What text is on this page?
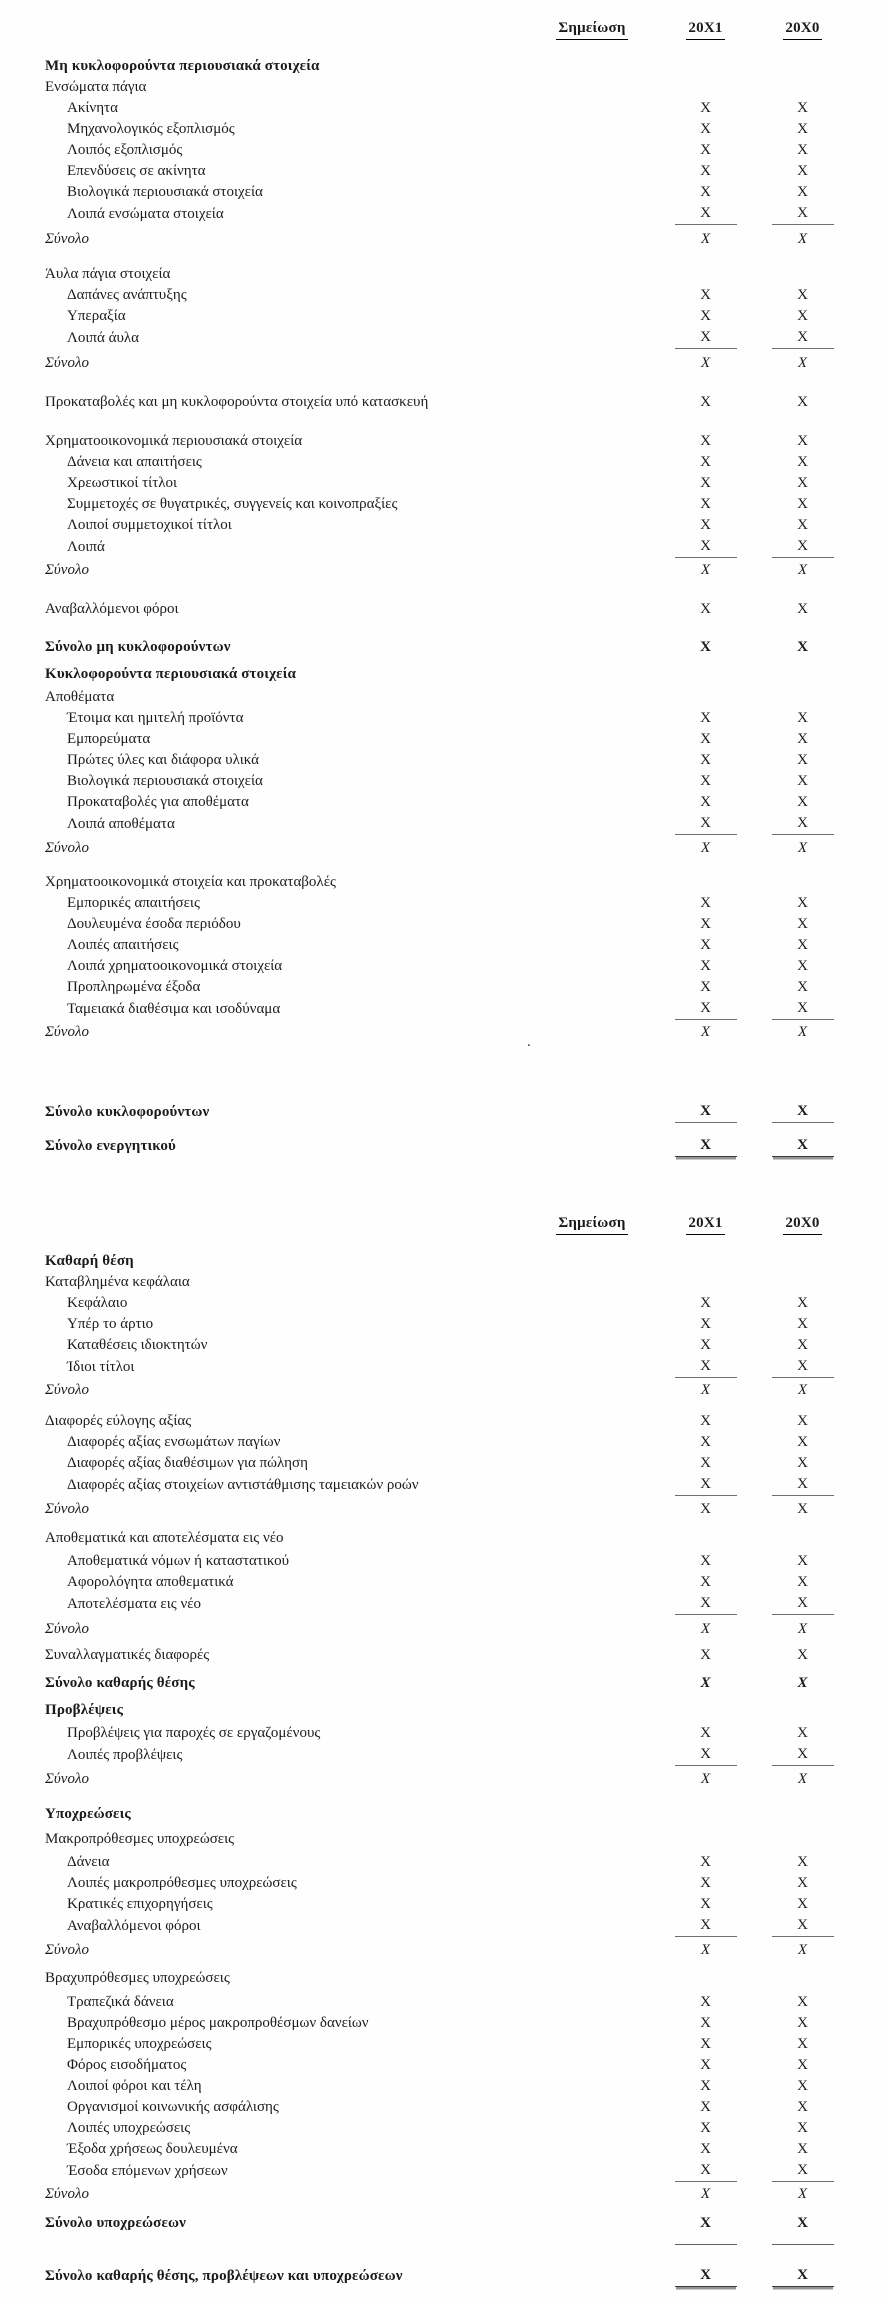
Σημείωση	20X1	20X0
Μη κυκλοφορούντα περιουσιακά στοιχεία
Ενσώματα πάγια
Ακίνητα	X	X
Μηχανολογικός εξοπλισμός	X	X
Λοιπός εξοπλισμός	X	X
Επενδύσεις σε ακίνητα	X	X
Βιολογικά περιουσιακά στοιχεία	X	X
Λοιπά ενσώματα στοιχεία	X	X
Σύνολο	X	X
Άυλα πάγια στοιχεία
Δαπάνες ανάπτυξης	X	X
Υπεραξία	X	X
Λοιπά άυλα	X	X
Σύνολο	X	X
Προκαταβολές και μη κυκλοφορούντα στοιχεία υπό κατασκευή	X	X
Χρηματοοικονομικά περιουσιακά στοιχεία	X	X
Δάνεια και απαιτήσεις	X	X
Χρεωστικοί τίτλοι	X	X
Συμμετοχές σε θυγατρικές, συγγενείς και κοινοπραξίες	X	X
Λοιποί συμμετοχικοί τίτλοι	X	X
Λοιπά	X	X
Σύνολο	X	X
Αναβαλλόμενοι φόροι	X	X
Σύνολο μη κυκλοφορούντων	X	X
Κυκλοφορούντα περιουσιακά στοιχεία
Αποθέματα
Έτοιμα και ημιτελή προϊόντα	X	X
Εμπορεύματα	X	X
Πρώτες ύλες και διάφορα υλικά	X	X
Βιολογικά περιουσιακά στοιχεία	X	X
Προκαταβολές για αποθέματα	X	X
Λοιπά αποθέματα	X	X
Σύνολο	X	X
Χρηματοοικονομικά στοιχεία και προκαταβολές
Εμπορικές απαιτήσεις	X	X
Δουλευμένα έσοδα περιόδου	X	X
Λοιπές απαιτήσεις	X	X
Λοιπά χρηματοοικονομικά στοιχεία	X	X
Προπληρωμένα έξοδα	X	X
Ταμειακά διαθέσιμα και ισοδύναμα	X	X
Σύνολο	X	X
Σύνολο κυκλοφορούντων	X	X
Σύνολο ενεργητικού	X	X
.
Σημείωση	20X1	20X0
Καθαρή θέση
Καταβλημένα κεφάλαια
Κεφάλαιο	X	X
Υπέρ το άρτιο	X	X
Καταθέσεις ιδιοκτητών	X	X
Ίδιοι τίτλοι	X	X
Σύνολο	X	X
Διαφορές εύλογης αξίας	X	X
Διαφορές αξίας ενσωμάτων παγίων	X	X
Διαφορές αξίας διαθέσιμων για πώληση	X	X
Διαφορές αξίας στοιχείων αντιστάθμισης ταμειακών ροών	X	X
Σύνολο	X	X
Αποθεματικά και αποτελέσματα εις νέο
Αποθεματικά νόμων ή καταστατικού	X	X
Αφορολόγητα αποθεματικά	X	X
Αποτελέσματα εις νέο	X	X
Σύνολο	X	X
Συναλλαγματικές διαφορές	X	X
Σύνολο καθαρής θέσης	X	X
Προβλέψεις
Προβλέψεις για παροχές σε εργαζομένους	X	X
Λοιπές προβλέψεις	X	X
Σύνολο	X	X
Υποχρεώσεις
Μακροπρόθεσμες υποχρεώσεις
Δάνεια	X	X
Λοιπές μακροπρόθεσμες υποχρεώσεις	X	X
Κρατικές επιχορηγήσεις	X	X
Αναβαλλόμενοι φόροι	X	X
Σύνολο	X	X
Βραχυπρόθεσμες υποχρεώσεις
Τραπεζικά δάνεια	X	X
Βραχυπρόθεσμο μέρος μακροπροθέσμων δανείων	X	X
Εμπορικές υποχρεώσεις	X	X
Φόρος εισοδήματος	X	X
Λοιποί φόροι και τέλη	X	X
Οργανισμοί κοινωνικής ασφάλισης	X	X
Λοιπές υποχρεώσεις	X	X
Έξοδα χρήσεως δουλευμένα	X	X
Έσοδα επόμενων χρήσεων	X	X
Σύνολο	X	X
Σύνολο υποχρεώσεων	X	X
Σύνολο καθαρής θέσης, προβλέψεων και υποχρεώσεων	X	X
